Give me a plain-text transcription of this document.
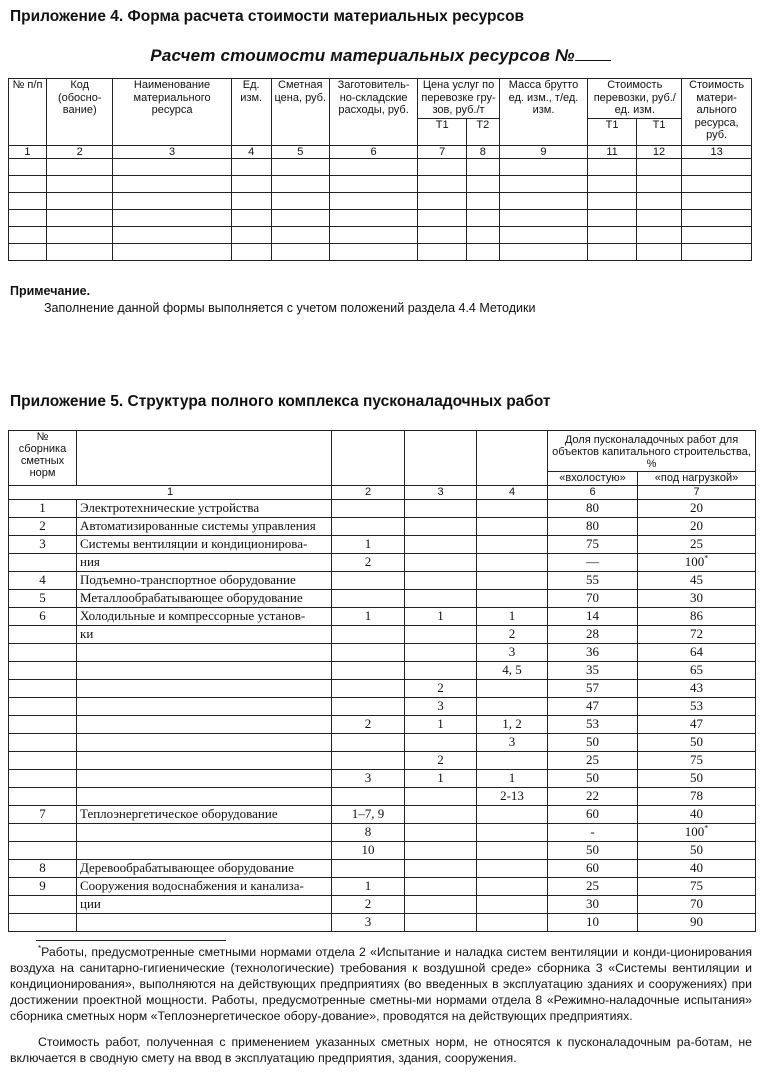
Приложение 4. Форма расчета стоимости материальных ресурсов
Расчет стоимости материальных ресурсов №
№ п/п	Код (обосно-вание)	Наименование материального ресурса	Ед. изм.	Сметная цена, руб.	Заготовитель-но-складские расходы, руб.	Цена услуг по перевозке гру-зов, руб./т		Масса брутто ед. изм., т/ед. изм.	Стоимость перевозки, руб./ед. изм.		Стоимость матери-ального ресурса, руб.
						Т1	Т2		Т1	Т1	
1	2	3	4	5	6	7	8	9	11	12	13

Примечание.
Заполнение данной формы выполняется с учетом положений раздела 4.4 Методики
Приложение 5. Структура полного комплекса пусконаладочных работ
№ сборника сметных норм					Доля пусконаладочных работ для объектов капитального строительства, %	
					«вхолостую»	«под нагрузкой»
1		2	3	4	6	7
1	Электротехнические устройства				80	20
2	Автоматизированные системы управления				80	20
3	Системы вентиляции и кондиционирова-	1			75	25
	ния	2			—	100*
4	Подъемно-транспортное оборудование				55	45
5	Металлообрабатывающее оборудование				70	30
6	Холодильные и компрессорные установ-	1	1	1	14	86
	ки			2	28	72
				3	36	64
				4, 5	35	65
			2		57	43
			3		47	53
		2	1	1, 2	53	47
				3	50	50
			2		25	75
		3	1	1	50	50
				2-13	22	78
7	Теплоэнергетическое оборудование	1–7, 9			60	40
		8			-	100*
		10			50	50
8	Деревообрабатывающее оборудование				60	40
9	Сооружения водоснабжения и канализа-	1			25	75
	ции	2			30	70
		3			10	90

*Работы, предусмотренные сметными нормами отдела 2 «Испытание и наладка систем вентиляции и конди-ционирования воздуха на санитарно-гигиенические (технологические) требования к воздушной среде» сборника 3 «Системы вентиляции и кондиционирования», выполняются на действующих предприятиях (во введенных в эксплуатацию зданиях и сооружениях) при достижении проектной мощности. Работы, предусмотренные сметны-ми нормами отдела 8 «Режимно-наладочные испытания» сборника сметных норм «Теплоэнергетическое обору-дование», проводятся на действующих предприятиях.

Стоимость работ, полученная с применением указанных сметных норм, не относятся к пусконаладочным ра-ботам, не включается в сводную смету на ввод в эксплуатацию предприятия, здания, сооружения.
